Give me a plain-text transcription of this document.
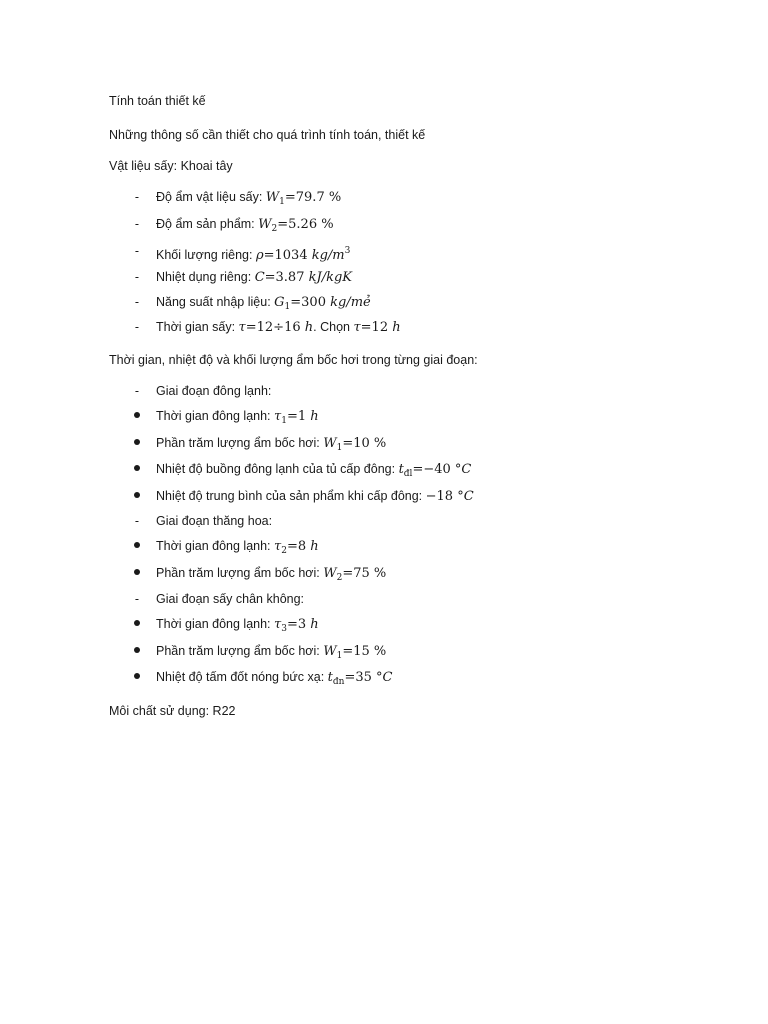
Tính toán thiết kế
Những thông số cần thiết cho quá trình tính toán, thiết kế
Vật liệu sấy: Khoai tây
-	Độ ẩm vật liệu sấy: $W_1=79.7$ %
-	Độ ẩm sản phẩm: $W_2=5.26$ %
-	Khối lượng riêng: ρ=1034 $kg/m^3$
-	Nhiệt dụng riêng: C=3.87 kJ/kgK
-	Năng suất nhập liệu: $G_1=300$ kg/mẻ
-	Thời gian sấy: τ=12÷16 h. Chọn τ=12 h
Thời gian, nhiệt độ và khối lượng ẩm bốc hơi trong từng giai đoạn:
-	Giai đoạn đông lạnh:
Thời gian đông lạnh: $\tau_1=1$ h
Phần trăm lượng ẩm bốc hơi: $W_1=10$ %
Nhiệt độ buồng đông lạnh của tủ cấp đông: $t_{đl}=-40$ °C
Nhiệt độ trung bình của sản phẩm khi cấp đông: −18 °C
-	Giai đoạn thăng hoa:
Thời gian đông lạnh: $\tau_2=8$ h
Phần trăm lượng ẩm bốc hơi: $W_2=75$ %
-	Giai đoạn sấy chân không:
Thời gian đông lạnh: $\tau_3=3$ h
Phần trăm lượng ẩm bốc hơi: $W_1=15$ %
Nhiệt độ tấm đốt nóng bức xạ: $t_{đn}=35$ °C
Môi chất sử dụng: R22
